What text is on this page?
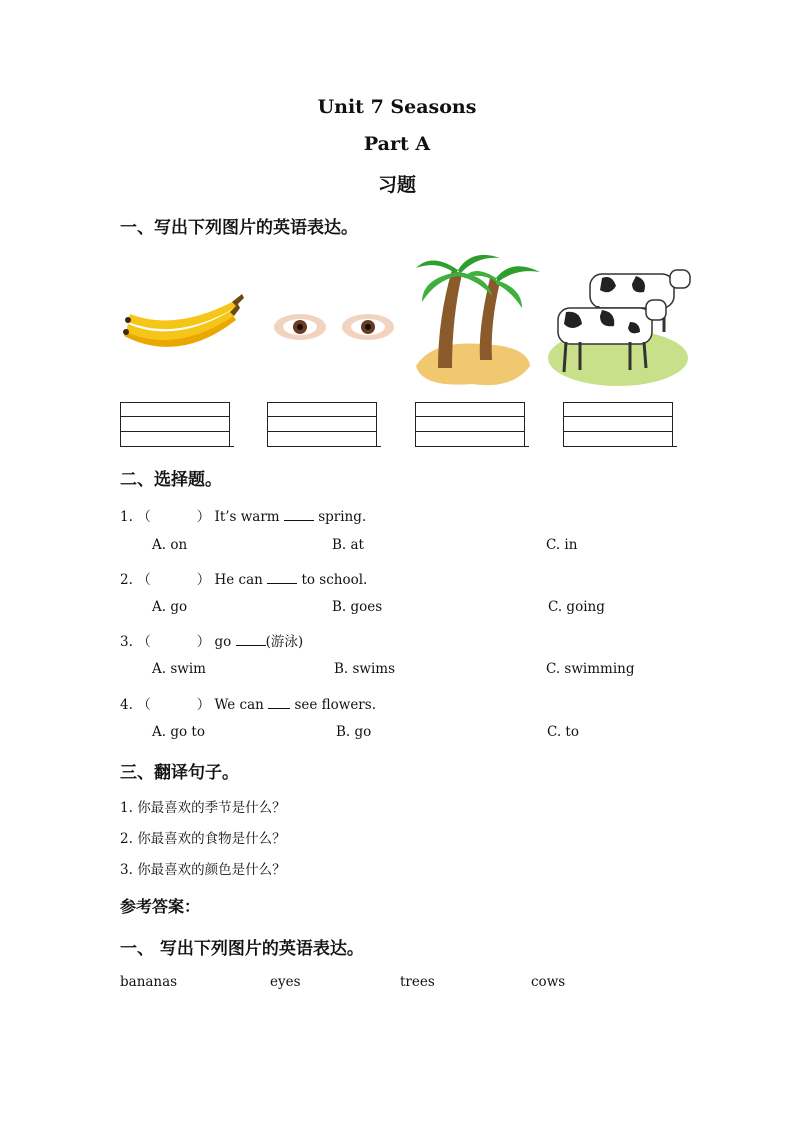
Unit 7 Seasons
Part A
习题
一、写出下列图片的英语表达。
二、选择题。
1. （	） It’s warm	spring.
A. on	B. at	C. in
2. （	） He can	to school.
A. go	B. goes	C. going
3. （	） go	(游泳)
A. swim	B. swims	C. swimming
4. （	） We can see flowers.
A. go to	B. go	C. to
三、翻译句子。
1. 你最喜欢的季节是什么？
2. 你最喜欢的食物是什么？
3. 你最喜欢的颜色是什么？
参考答案：
一、 写出下列图片的英语表达。
bananas	eyes	trees	cows
